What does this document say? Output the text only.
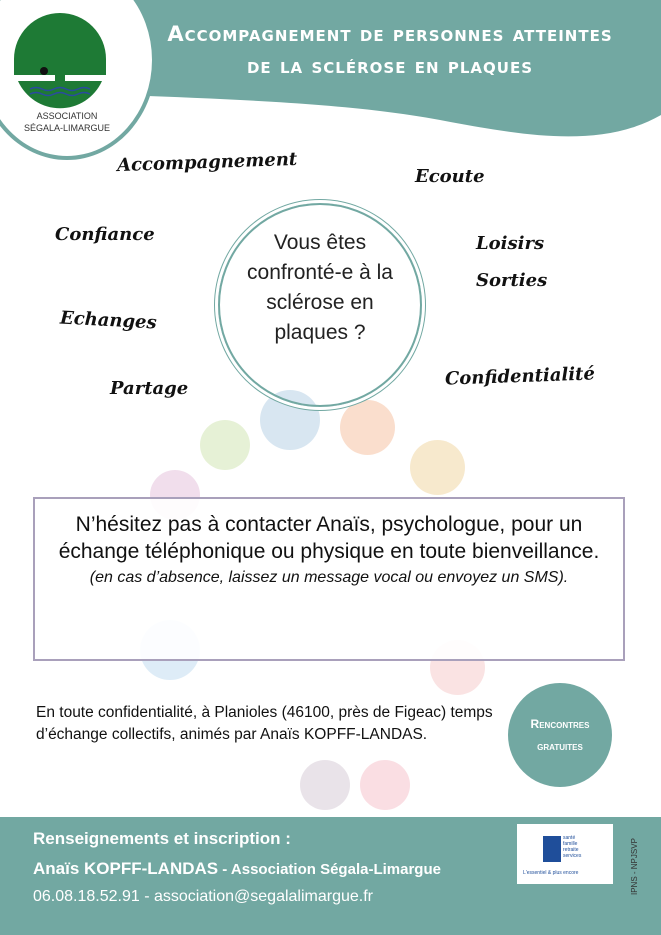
Accompagnement de personnes atteintes
de la sclérose en plaques
ASSOCIATION
SÉGALA-LIMARGUE
Accompagnement
Ecoute
Confiance	Loisirs
Sorties
Echanges
Confidentialité
Partage
Vous êtes confronté-e à la sclérose en plaques ?
N’hésitez pas à contacter Anaïs, psychologue, pour un échange téléphonique ou physique en toute bienveillance.
(en cas d’absence, laissez un message vocal ou envoyez un SMS).
En toute confidentialité, à Planioles (46100, près de Figeac) temps d’échange collectifs, animés par Anaïs KOPFF-LANDAS.
Rencontres
gratuites
Renseignements et inscription :
Anaïs KOPFF-LANDAS - Association Ségala-Limargue
06.08.18.52.91 - association@segalalimargue.fr
santé
famille
retraite
services
L'essentiel & plus encore	IPNS - NPJSVP
